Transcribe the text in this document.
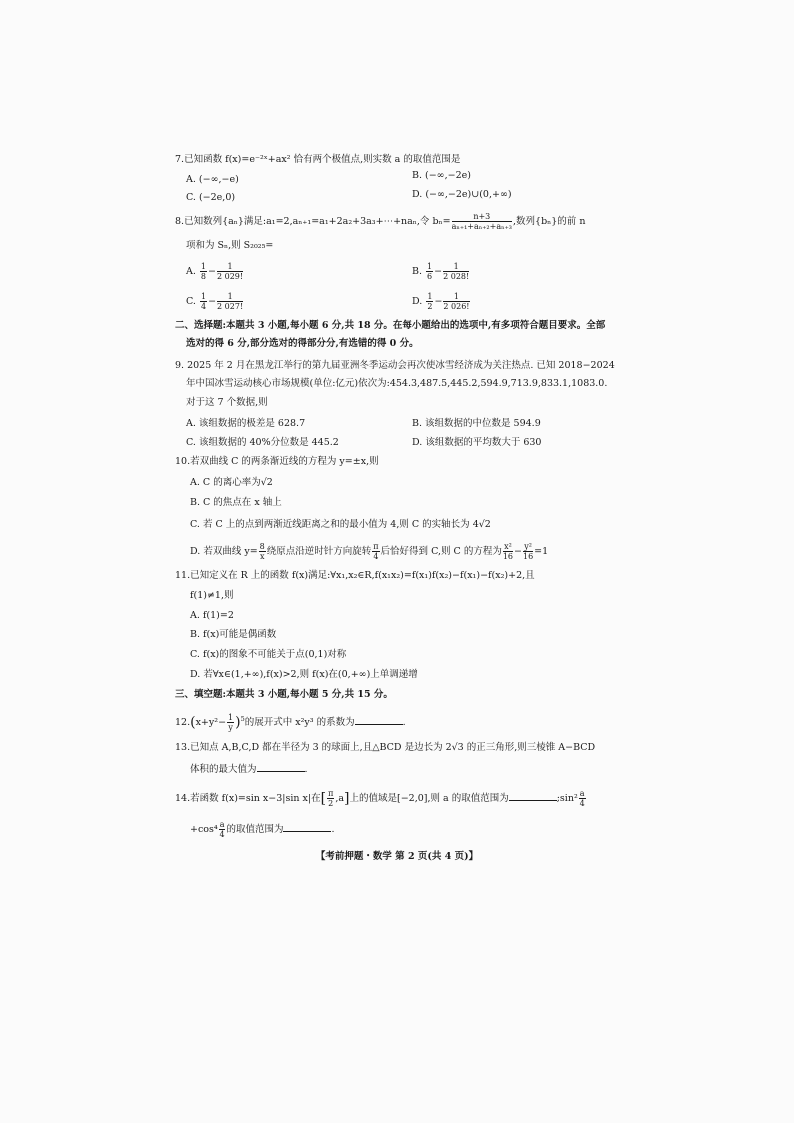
7.已知函数 f(x)=e⁻²ˣ+ax² 恰有两个极值点,则实数 a 的取值范围是
A. (−∞,−e)	B. (−∞,−2e)
C. (−2e,0)	D. (−∞,−2e)∪(0,+∞)
8.已知数列{aₙ}满足:a₁=2,aₙ₊₁=a₁+2a₂+3a₃+⋯+naₙ,令 $b_n= \frac{n+3}{\text{aₙ₊₁+aₙ₊₂+aₙ₊₃}}$ ,数列{bₙ}的前 n
项和为 Sₙ,则 S₂₀₂₅=
A. $\frac{1}{8} - \frac{1}{2 029!}$	B. $\frac{1}{6} - \frac{1}{2 028!}$
C. $\frac{1}{4} - \frac{1}{2 027!}$	D. $\frac{1}{2} - \frac{1}{2 026!}$
二、选择题:本题共 3 小题,每小题 6 分,共 18 分。在每小题给出的选项中,有多项符合题目要求。全部
选对的得 6 分,部分选对的得部分分,有选错的得 0 分。
9. 2025 年 2 月在黑龙江举行的第九届亚洲冬季运动会再次使冰雪经济成为关注热点. 已知 2018−2024
年中国冰雪运动核心市场规模(单位:亿元)依次为:454.3,487.5,445.2,594.9,713.9,833.1,1083.0.
对于这 7 个数据,则
A. 该组数据的极差是 628.7	B. 该组数据的中位数是 594.9
C. 该组数据的 40%分位数是 445.2	D. 该组数据的平均数大于 630
10.若双曲线 C 的两条渐近线的方程为 y=±x,则
A. C 的离心率为√2
B. C 的焦点在 x 轴上
C. 若 C 上的点到两渐近线距离之和的最小值为 4,则 C 的实轴长为 4√2
D. 若双曲线 $y= \frac{8}{x}$ 绕原点沿逆时针方向旋转 $\frac{\pi}{4}$ 后恰好得到 C,则 C 的方程为 $\frac{\text{x²}}{16} - \frac{\text{y²}}{16} =1$
11.已知定义在 R 上的函数 f(x)满足:∀x₁,x₂∈R,f(x₁x₂)=f(x₁)f(x₂)−f(x₁)−f(x₂)+2,且
f(1)≠1,则
A. f(1)=2
B. f(x)可能是偶函数
C. f(x)的图象不可能关于点(0,1)对称
D. 若∀x∈(1,+∞),f(x)>2,则 f(x)在(0,+∞)上单调递增
三、填空题:本题共 3 小题,每小题 5 分,共 15 分。
$12.(x+y^2- \frac{1}{y} )^5$的展开式中 x²y³ 的系数为	.
13.已知点 A,B,C,D 都在半径为 3 的球面上,且△BCD 是边长为 2√3 的正三角形,则三棱锥 A−BCD
体积的最大值为	.
14.若函数 f(x)=sin x−3|sin x|在[ $\frac{\pi}{2} ,a$]上的值域是[−2,0],则 a 的取值范围为	;sin² $\frac{a}{4}$
$+\cos^4 \frac{a}{4}$ 的取值范围为	.
【考前押题・数学 第 2 页(共 4 页)】
